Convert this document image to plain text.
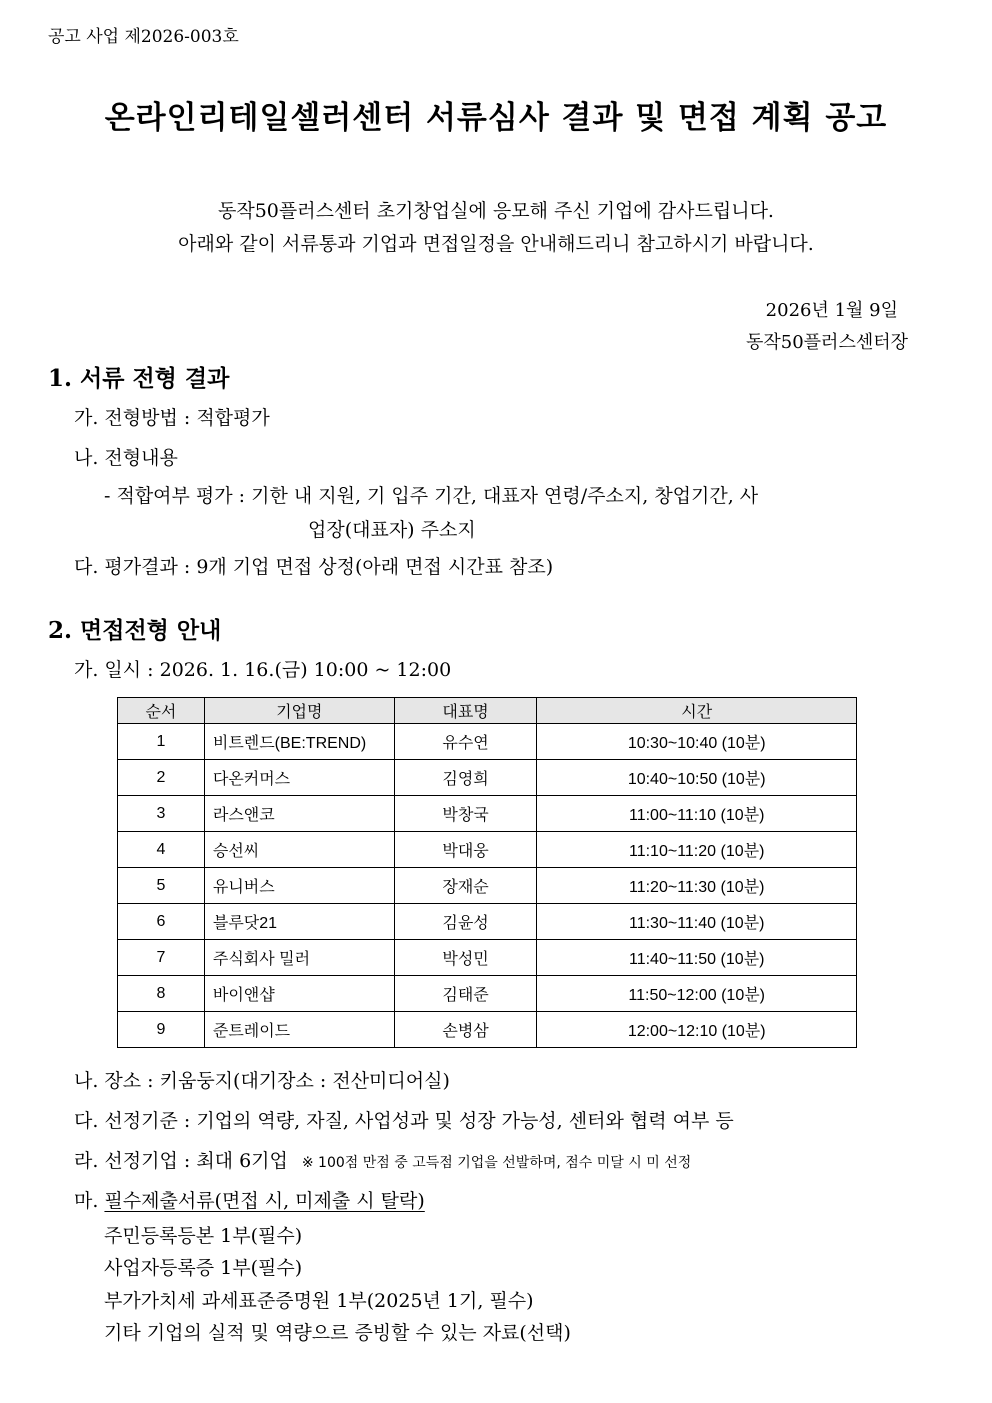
공고 사업 제2026-003호
온라인리테일셀러센터 서류심사 결과 및 면접 계획 공고
동작50플러스센터 초기창업실에 응모해 주신 기업에 감사드립니다.
아래와 같이 서류통과 기업과 면접일정을 안내해드리니 참고하시기 바랍니다.
2026년 1월 9일
동작50플러스센터장
1. 서류 전형 결과
가. 전형방법 : 적합평가
나. 전형내용
- 적합여부 평가 : 기한 내 지원, 기 입주 기간, 대표자 연령/주소지, 창업기간, 사
업장(대표자) 주소지
다. 평가결과 : 9개 기업 면접 상정(아래 면접 시간표 참조)
2. 면접전형 안내
가. 일시 : 2026. 1. 16.(금) 10:00 ~ 12:00
순서	기업명	대표명	시간
1	비트렌드(BE:TREND)	유수연	10:30~10:40 (10분)
2	다온커머스	김영희	10:40~10:50 (10분)
3	라스앤코	박창국	11:00~11:10 (10분)
4	승선씨	박대웅	11:10~11:20 (10분)
5	유니버스	장재순	11:20~11:30 (10분)
6	블루닷21	김윤성	11:30~11:40 (10분)
7	주식회사 밀러	박성민	11:40~11:50 (10분)
8	바이앤샵	김태준	11:50~12:00 (10분)
9	준트레이드	손병삼	12:00~12:10 (10분)
나. 장소 : 키움둥지(대기장소 : 전산미디어실)
다. 선정기준 : 기업의 역량, 자질, 사업성과 및 성장 가능성, 센터와 협력 여부 등
라. 선정기업 : 최대 6기업 ※ 100점 만점 중 고득점 기업을 선발하며, 점수 미달 시 미 선정
마. 필수제출서류(면접 시, 미제출 시 탈락)
주민등록등본 1부(필수)
사업자등록증 1부(필수)
부가가치세 과세표준증명원 1부(2025년 1기, 필수)
기타 기업의 실적 및 역량으르 증빙할 수 있는 자료(선택)
